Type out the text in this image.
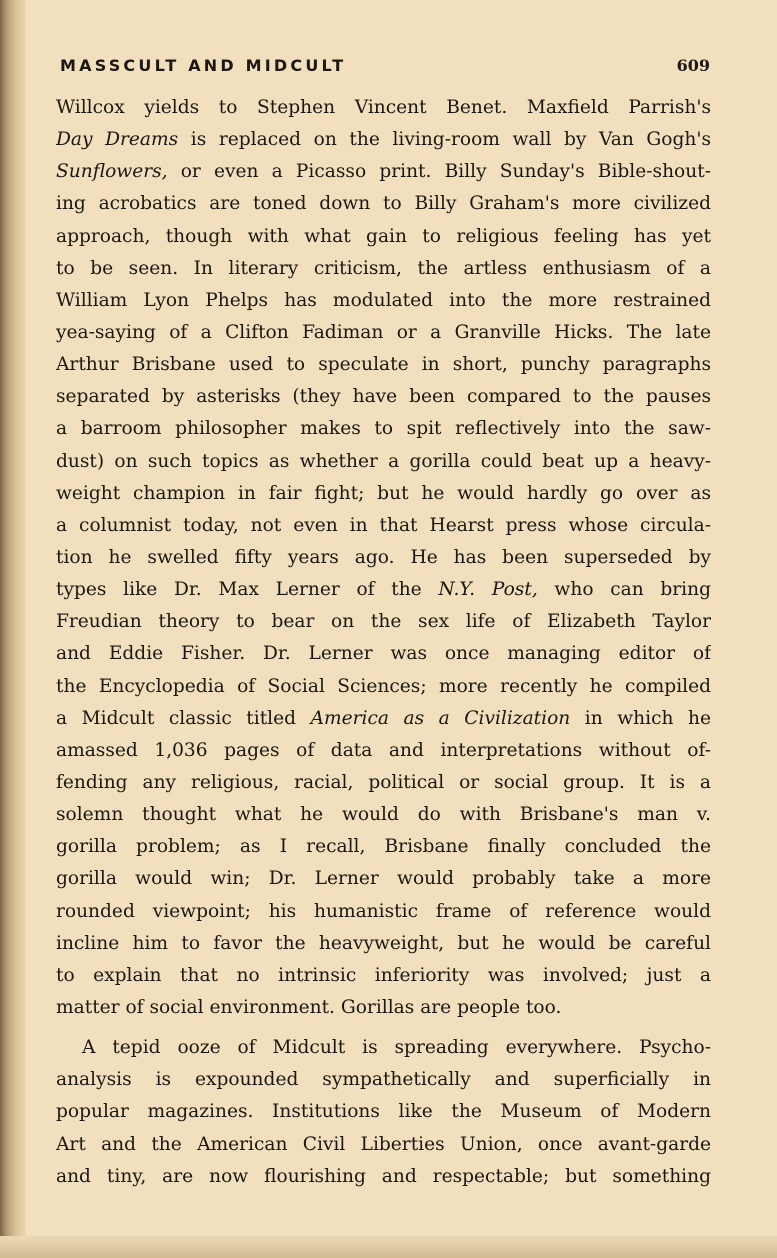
MASSCULT AND MIDCULT	609
Willcox yields to Stephen Vincent Benet. Maxfield Parrish's
Day Dreams is replaced on the living-room wall by Van Gogh's
Sunflowers, or even a Picasso print. Billy Sunday's Bible-shout-
ing acrobatics are toned down to Billy Graham's more civilized
approach, though with what gain to religious feeling has yet
to be seen. In literary criticism, the artless enthusiasm of a
William Lyon Phelps has modulated into the more restrained
yea-saying of a Clifton Fadiman or a Granville Hicks. The late
Arthur Brisbane used to speculate in short, punchy paragraphs
separated by asterisks (they have been compared to the pauses
a barroom philosopher makes to spit reflectively into the saw-
dust) on such topics as whether a gorilla could beat up a heavy-
weight champion in fair fight; but he would hardly go over as
a columnist today, not even in that Hearst press whose circula-
tion he swelled fifty years ago. He has been superseded by
types like Dr. Max Lerner of the N.Y. Post, who can bring
Freudian theory to bear on the sex life of Elizabeth Taylor
and Eddie Fisher. Dr. Lerner was once managing editor of
the Encyclopedia of Social Sciences; more recently he compiled
a Midcult classic titled America as a Civilization in which he
amassed 1,036 pages of data and interpretations without of-
fending any religious, racial, political or social group. It is a
solemn thought what he would do with Brisbane's man v.
gorilla problem; as I recall, Brisbane finally concluded the
gorilla would win; Dr. Lerner would probably take a more
rounded viewpoint; his humanistic frame of reference would
incline him to favor the heavyweight, but he would be careful
to explain that no intrinsic inferiority was involved; just a
matter of social environment. Gorillas are people too.
A tepid ooze of Midcult is spreading everywhere. Psycho-
analysis is expounded sympathetically and superficially in
popular magazines. Institutions like the Museum of Modern
Art and the American Civil Liberties Union, once avant-garde
and tiny, are now flourishing and respectable; but something
